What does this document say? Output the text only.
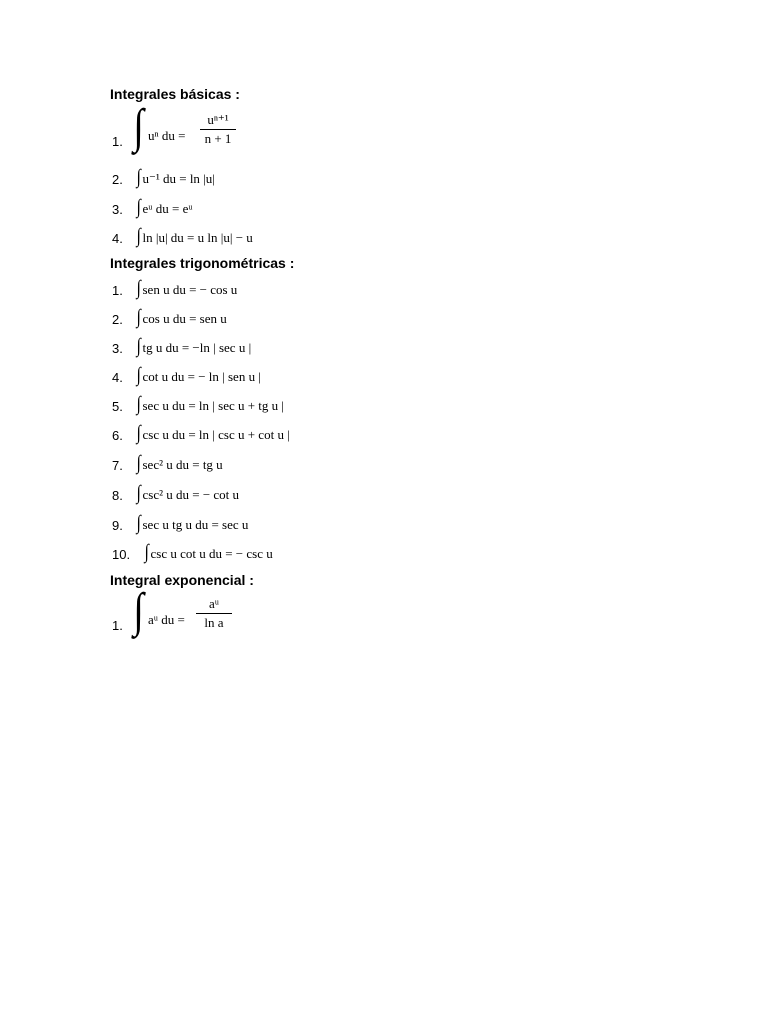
Integrales básicas :
1. ∫ uⁿ du = $\frac{\text{uⁿ⁺¹}}{n + 1}$
2. ∫ u⁻¹ du = ln |u|
3. ∫ eᵘ du = eᵘ
4. ∫ ln |u| du = u ln |u| − u
Integrales trigonométricas :
1. ∫ sen u du = − cos u
2. ∫ cos u du = sen u
3. ∫ tg u du = −ln | sec u |
4. ∫ cot u du = − ln | sen u |
5. ∫ sec u du = ln | sec u + tg u |
6. ∫ csc u du = ln | csc u + cot u |
7. ∫ sec² u du = tg u
8. ∫ csc² u du = − cot u
9. ∫ sec u tg u du = sec u
10. ∫ csc u cot u du = − csc u
Integral exponencial :
1. ∫ aᵘ du = $\frac{\text{aᵘ}}{\text{ln a}}$
